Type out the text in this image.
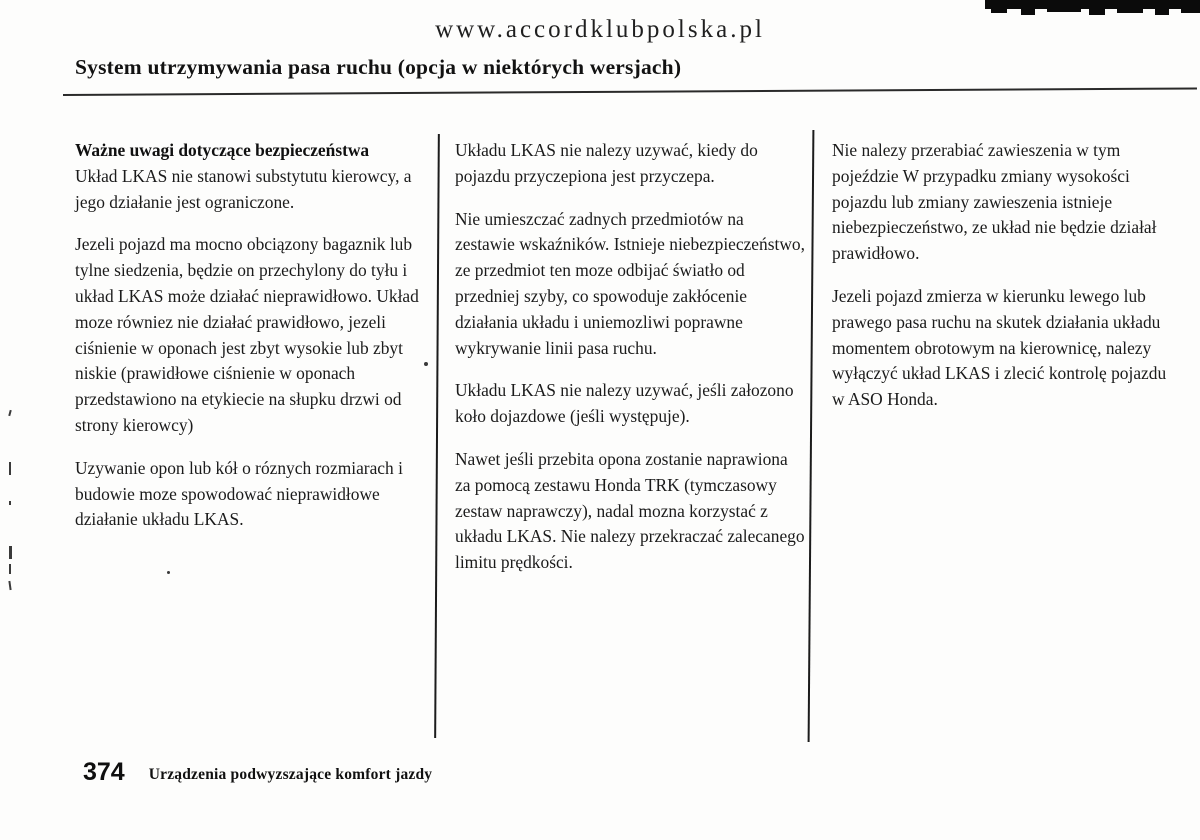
www.accordklubpolska.pl
System utrzymywania pasa ruchu (opcja w niektórych wersjach)
Ważne uwagi dotyczące bezpieczeństwa

Układ LKAS nie stanowi substytutu kierowcy, a jego działanie jest ograniczone.

Jezeli pojazd ma mocno obciązony bagaznik lub tylne siedzenia, będzie on przechylony do tyłu i układ LKAS może działać nieprawidłowo. Układ moze równiez nie działać prawidłowo, jezeli ciśnienie w oponach jest zbyt wysokie lub zbyt niskie (prawidłowe ciśnienie w oponach przedstawiono na etykiecie na słupku drzwi od strony kierowcy)

Uzywanie opon lub kół o róznych rozmiarach i budowie moze spowodować nieprawidłowe działanie układu LKAS.

Układu LKAS nie nalezy uzywać, kiedy do pojazdu przyczepiona jest przyczepa.

Nie umieszczać zadnych przedmiotów na zestawie wskaźników. Istnieje niebezpieczeństwo, ze przedmiot ten moze odbijać światło od przedniej szyby, co spowoduje zakłócenie działania układu i uniemozliwi poprawne wykrywanie linii pasa ruchu.

Układu LKAS nie nalezy uzywać, jeśli załozono koło dojazdowe (jeśli występuje).

Nawet jeśli przebita opona zostanie naprawiona za pomocą zestawu Honda TRK (tymczasowy zestaw naprawczy), nadal mozna korzystać z układu LKAS. Nie nalezy przekraczać zalecanego limitu prędkości.

Nie nalezy przerabiać zawieszenia w tym pojeździe W przypadku zmiany wysokości pojazdu lub zmiany zawieszenia istnieje niebezpieczeństwo, ze układ nie będzie działał prawidłowo.

Jezeli pojazd zmierza w kierunku lewego lub prawego pasa ruchu na skutek działania układu momentem obrotowym na kierownicę, nalezy wyłączyć układ LKAS i zlecić kontrolę pojazdu w ASO Honda.

374 Urządzenia podwyzszające komfort jazdy
